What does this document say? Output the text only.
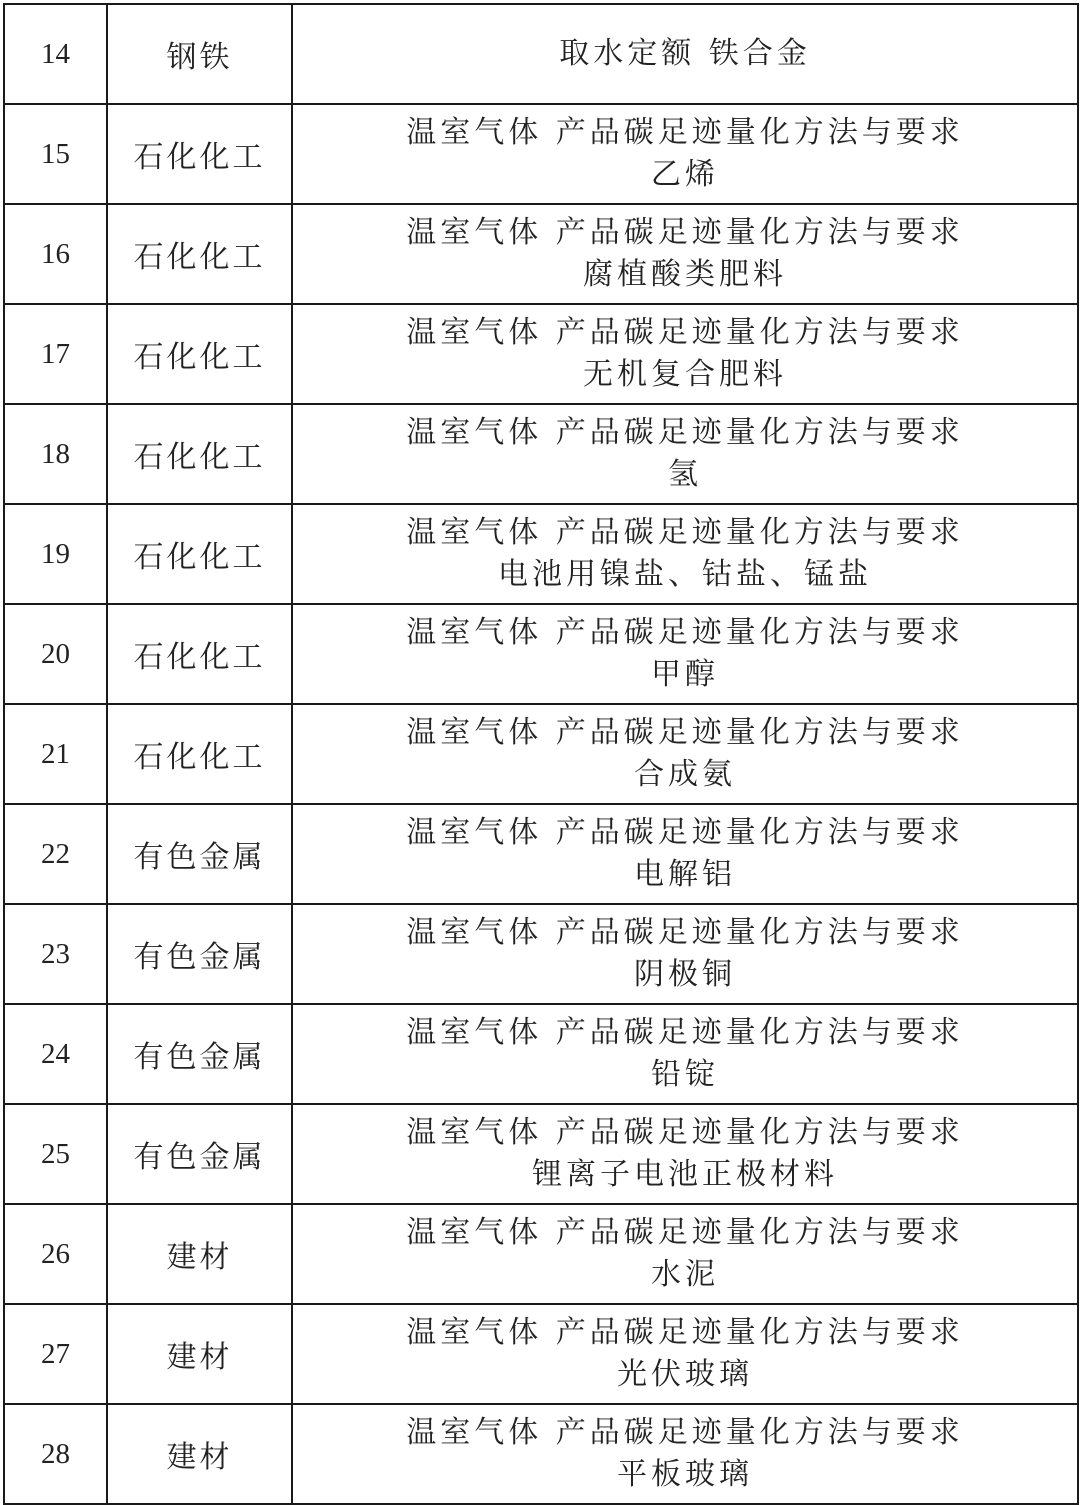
14	钢铁	取水定额 铁合金

15	石化化工	温室气体 产品碳足迹量化方法与要求
乙烯

16	石化化工	温室气体 产品碳足迹量化方法与要求
腐植酸类肥料

17	石化化工	温室气体 产品碳足迹量化方法与要求
无机复合肥料

18	石化化工	温室气体 产品碳足迹量化方法与要求
氢

19	石化化工	温室气体 产品碳足迹量化方法与要求
电池用镍盐、钴盐、锰盐

20	石化化工	温室气体 产品碳足迹量化方法与要求
甲醇

21	石化化工	温室气体 产品碳足迹量化方法与要求
合成氨

22	有色金属	温室气体 产品碳足迹量化方法与要求
电解铝

23	有色金属	温室气体 产品碳足迹量化方法与要求
阴极铜

24	有色金属	温室气体 产品碳足迹量化方法与要求
铅锭

25	有色金属	温室气体 产品碳足迹量化方法与要求
锂离子电池正极材料

26	建材	温室气体 产品碳足迹量化方法与要求
水泥

27	建材	温室气体 产品碳足迹量化方法与要求
光伏玻璃

28	建材	温室气体 产品碳足迹量化方法与要求
平板玻璃
